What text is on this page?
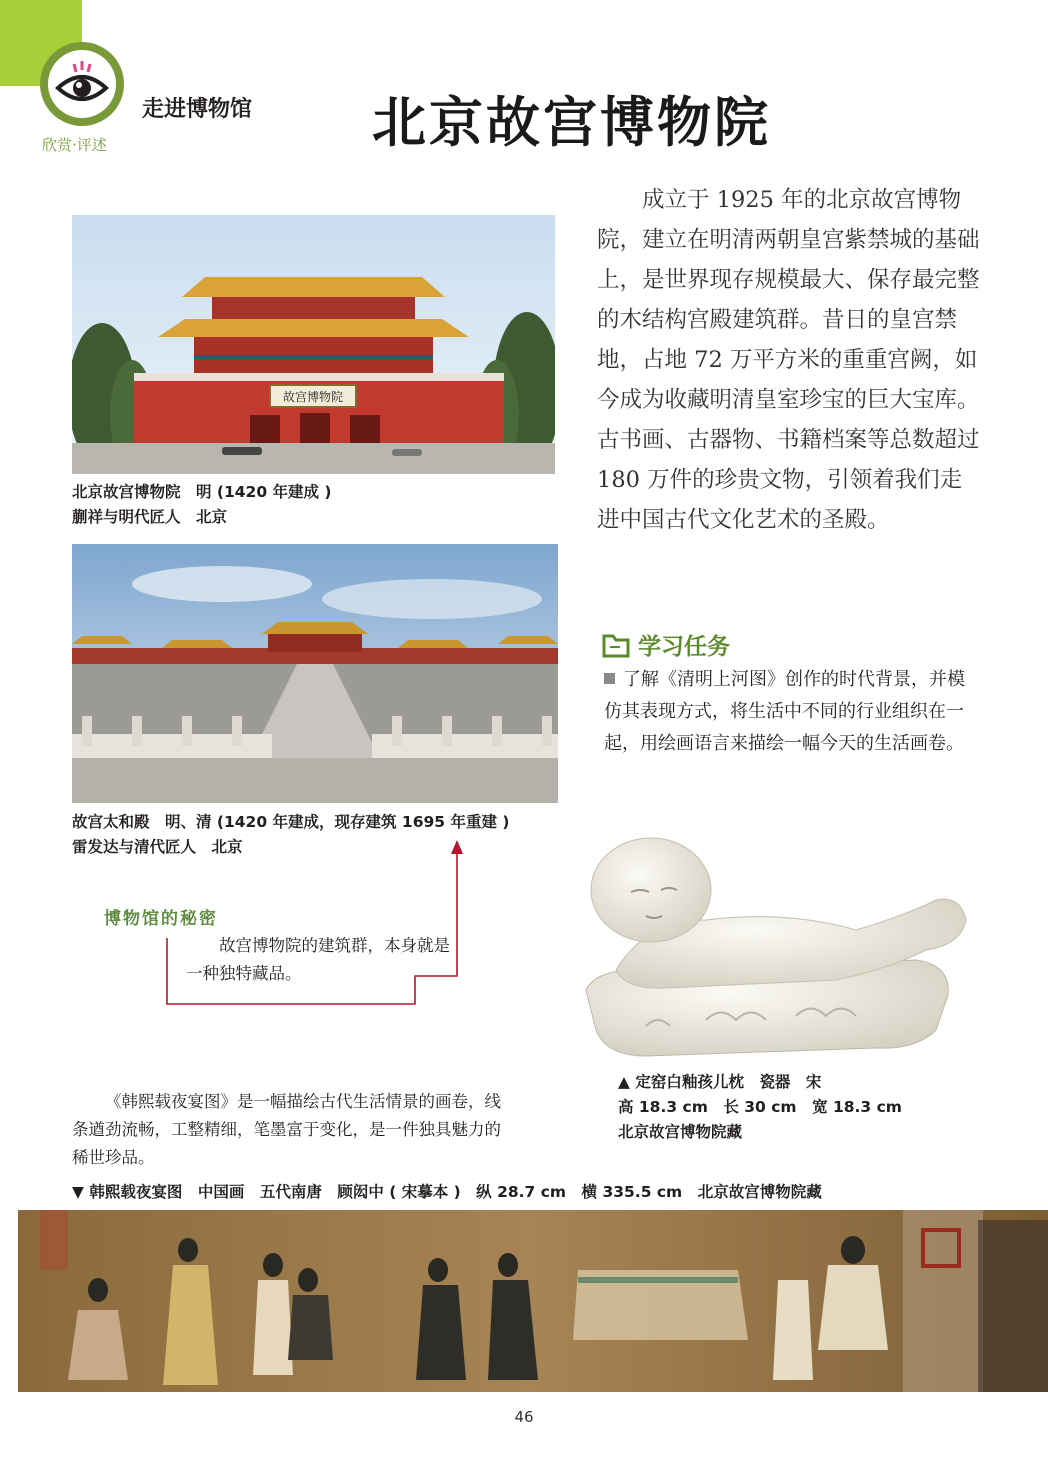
走进博物馆
欣赏·评述	北京故宫博物院
成立于 1925 年的北京故宫博物院，建立在明清两朝皇宫紫禁城的基础上，是世界现存规模最大、保存最完整的木结构宫殿建筑群。昔日的皇宫禁地，占地 72 万平方米的重重宫阙，如今成为收藏明清皇室珍宝的巨大宝库。古书画、古器物、书籍档案等总数超过 180 万件的珍贵文物，引领着我们走进中国古代文化艺术的圣殿。
故宫博物院
北京故宫博物院　明 (1420 年建成 )
蒯祥与明代匠人　北京
故宫太和殿　明、清 (1420 年建成，现存建筑 1695 年重建 )
雷发达与清代匠人　北京
学习任务
了解《清明上河图》创作的时代背景，并模仿其表现方式，将生活中不同的行业组织在一起，用绘画语言来描绘一幅今天的生活画卷。
博物馆的秘密
故宫博物院的建筑群，本身就是一种独特藏品。
▲ 定窑白釉孩儿枕　瓷器　宋
高 18.3 cm　长 30 cm　宽 18.3 cm
北京故宫博物院藏
《韩熙载夜宴图》是一幅描绘古代生活情景的画卷，线条遒劲流畅，工整精细，笔墨富于变化，是一件独具魅力的稀世珍品。
▼ 韩熙载夜宴图　中国画　五代南唐　顾闳中 ( 宋摹本 )　纵 28.7 cm　横 335.5 cm　北京故宫博物院藏
46
